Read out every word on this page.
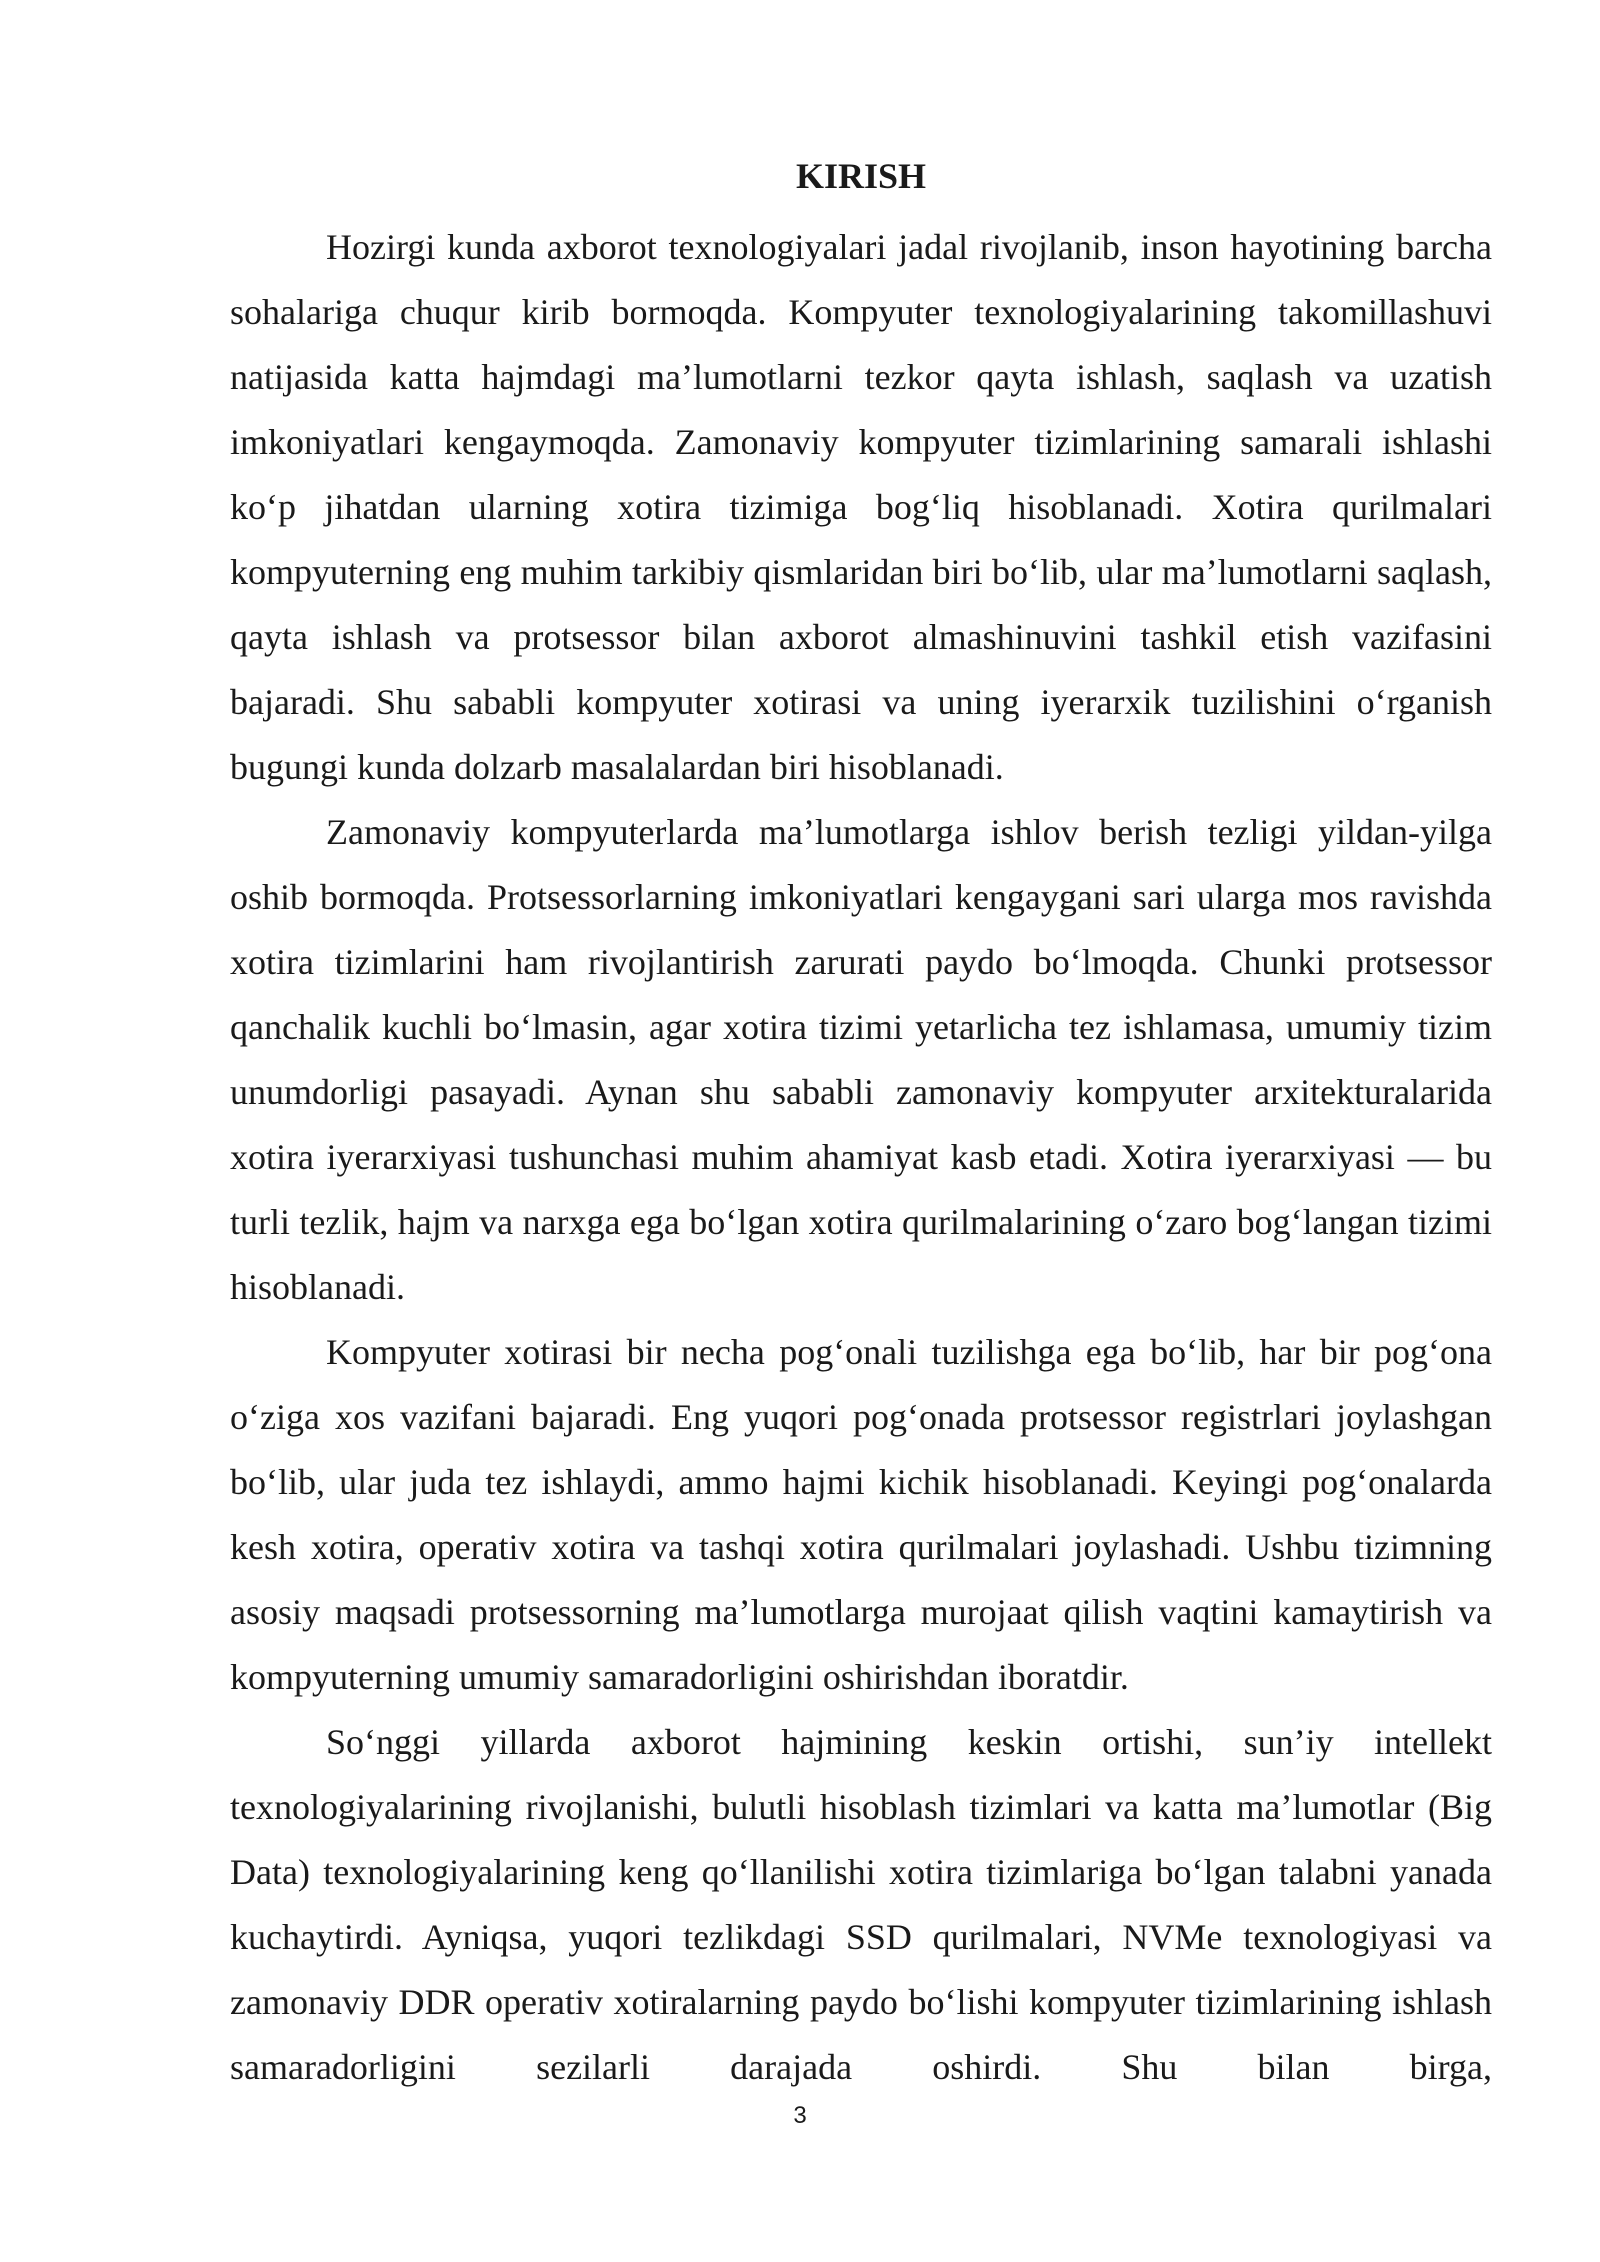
KIRISH

Hozirgi kunda axborot texnologiyalari jadal rivojlanib, inson hayotining barcha sohalariga chuqur kirib bormoqda. Kompyuter texnologiyalarining takomillashuvi natijasida katta hajmdagi ma’lumotlarni tezkor qayta ishlash, saqlash va uzatish imkoniyatlari kengaymoqda. Zamonaviy kompyuter tizimlarining samarali ishlashi ko‘p jihatdan ularning xotira tizimiga bog‘liq hisoblanadi. Xotira qurilmalari kompyuterning eng muhim tarkibiy qismlaridan biri bo‘lib, ular ma’lumotlarni saqlash, qayta ishlash va protsessor bilan axborot almashinuvini tashkil etish vazifasini bajaradi. Shu sababli kompyuter xotirasi va uning iyerarxik tuzilishini o‘rganish bugungi kunda dolzarb masalalardan biri hisoblanadi.

Zamonaviy kompyuterlarda ma’lumotlarga ishlov berish tezligi yildan-yilga oshib bormoqda. Protsessorlarning imkoniyatlari kengaygani sari ularga mos ravishda xotira tizimlarini ham rivojlantirish zarurati paydo bo‘lmoqda. Chunki protsessor qanchalik kuchli bo‘lmasin, agar xotira tizimi yetarlicha tez ishlamasa, umumiy tizim unumdorligi pasayadi. Aynan shu sababli zamonaviy kompyuter arxitekturalarida xotira iyerarxiyasi tushunchasi muhim ahamiyat kasb etadi. Xotira iyerarxiyasi — bu turli tezlik, hajm va narxga ega bo‘lgan xotira qurilmalarining o‘zaro bog‘langan tizimi hisoblanadi.

Kompyuter xotirasi bir necha pog‘onali tuzilishga ega bo‘lib, har bir pog‘ona o‘ziga xos vazifani bajaradi. Eng yuqori pog‘onada protsessor registrlari joylashgan bo‘lib, ular juda tez ishlaydi, ammo hajmi kichik hisoblanadi. Keyingi pog‘onalarda kesh xotira, operativ xotira va tashqi xotira qurilmalari joylashadi. Ushbu tizimning asosiy maqsadi protsessorning ma’lumotlarga murojaat qilish vaqtini kamaytirish va kompyuterning umumiy samaradorligini oshirishdan iboratdir.

So‘nggi yillarda axborot hajmining keskin ortishi, sun’iy intellekt texnologiyalarining rivojlanishi, bulutli hisoblash tizimlari va katta ma’lumotlar (Big Data) texnologiyalarining keng qo‘llanilishi xotira tizimlariga bo‘lgan talabni yanada kuchaytirdi. Ayniqsa, yuqori tezlikdagi SSD qurilmalari, NVMe texnologiyasi va zamonaviy DDR operativ xotiralarning paydo bo‘lishi kompyuter tizimlarining ishlash samaradorligini sezilarli darajada oshirdi. Shu bilan birga,

3
